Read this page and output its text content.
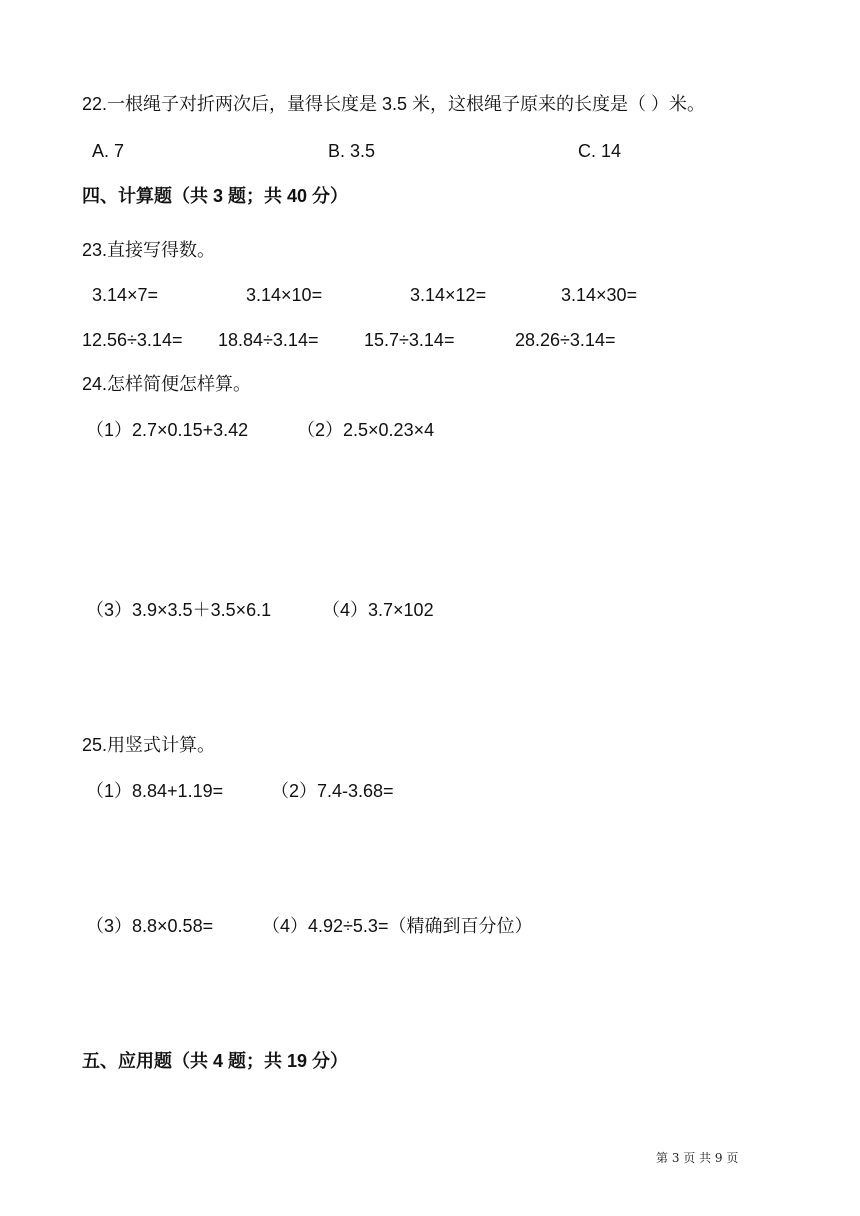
22.一根绳子对折两次后，量得长度是 3.5 米，这根绳子原来的长度是（ ）米。
A. 7	B. 3.5	C. 14
四、计算题（共 3 题；共 40 分）
23.直接写得数。
3.14×7=	3.14×10=	3.14×12=	3.14×30=
12.56÷3.14= 18.84÷3.14=	15.7÷3.14=	28.26÷3.14=
24.怎样简便怎样算。
（1）2.7×0.15+3.42	（2）2.5×0.23×4
（3）3.9×3.5＋3.5×6.1	（4）3.7×102
25.用竖式计算。
（1）8.84+1.19=	（2）7.4-3.68=
（3）8.8×0.58=	（4）4.92÷5.3=（精确到百分位）
五、应用题（共 4 题；共 19 分）
第 3 页 共 9 页
